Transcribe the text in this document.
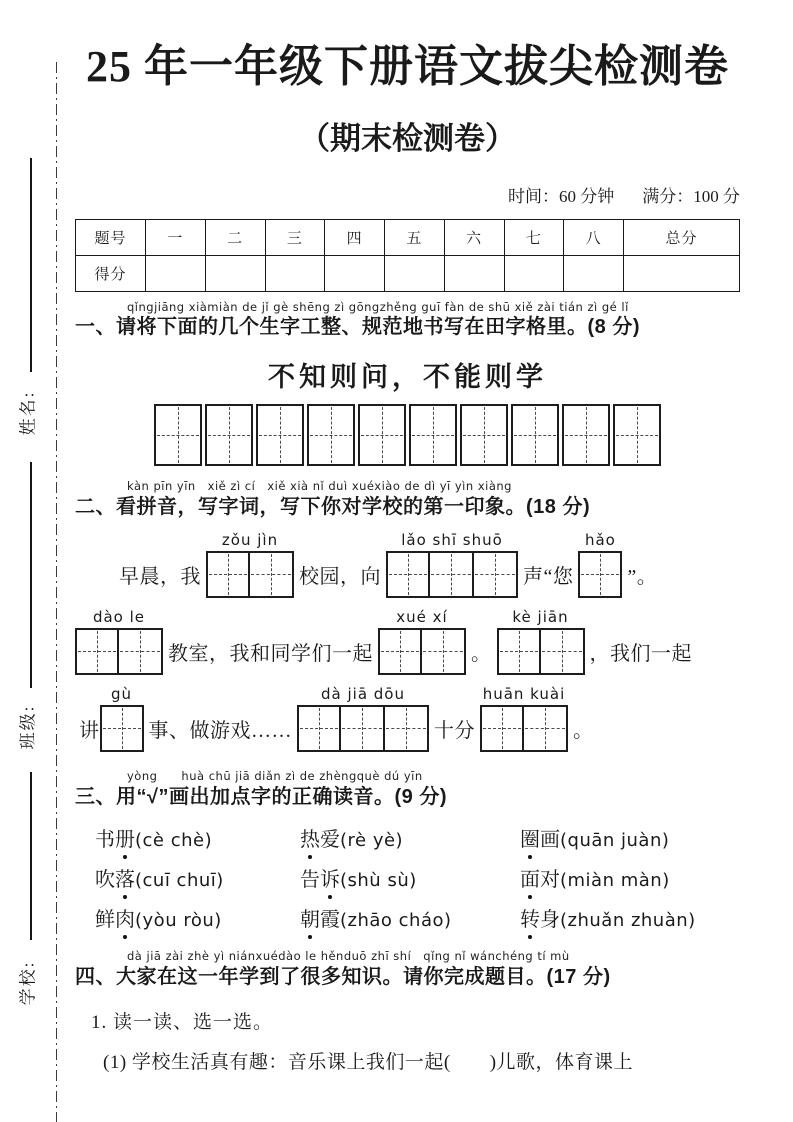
姓名:
班级:
学校:
25 年一年级下册语文拔尖检测卷
（期末检测卷）
时间：60 分钟 满分：100 分
题号	一	二	三	四	五	六	七	八	总分
得分									
qǐngjiāng xiàmiàn de jǐ gè shēng zì gōngzhěng guī fàn de shū xiě zài tián zì gé lǐ
一、请将下面的几个生字工整、规范地书写在田字格里。(8 分)
不知则问，不能则学
kàn pīn yīn　xiě zì cí　xiě xià nǐ duì xuéxiào de dì yī yìn xiàng
二、看拼音，写字词，写下你对学校的第一印象。(18 分)
早晨，我
zǒu jìn
校园，向
lǎo shī shuō
声“您
hǎo
”。
dào le
教室，我和同学们一起
xué xí
。
kè jiān
，我们一起
讲
gù
事、做游戏……
dà jiā dōu
十分
huān kuài
。
yòng　　huà chū jiā diǎn zì de zhèngquè dú yīn
三、用“√”画出加点字的正确读音。(9 分)
书册(cè chè)	热爱(rè yè)	圈画(quān juàn)
吹落(cuī chuī)	告诉(shù sù)	面对(miàn màn)
鲜肉(yòu ròu)	朝霞(zhāo cháo)	转身(zhuǎn zhuàn)
dà jiā zài zhè yì niánxuédào le hěnduō zhī shí　qǐng nǐ wánchéng tí mù
四、大家在这一年学到了很多知识。请你完成题目。(17 分)
1. 读一读、选一选。
(1) 学校生活真有趣：音乐课上我们一起(　　)儿歌，体育课上
